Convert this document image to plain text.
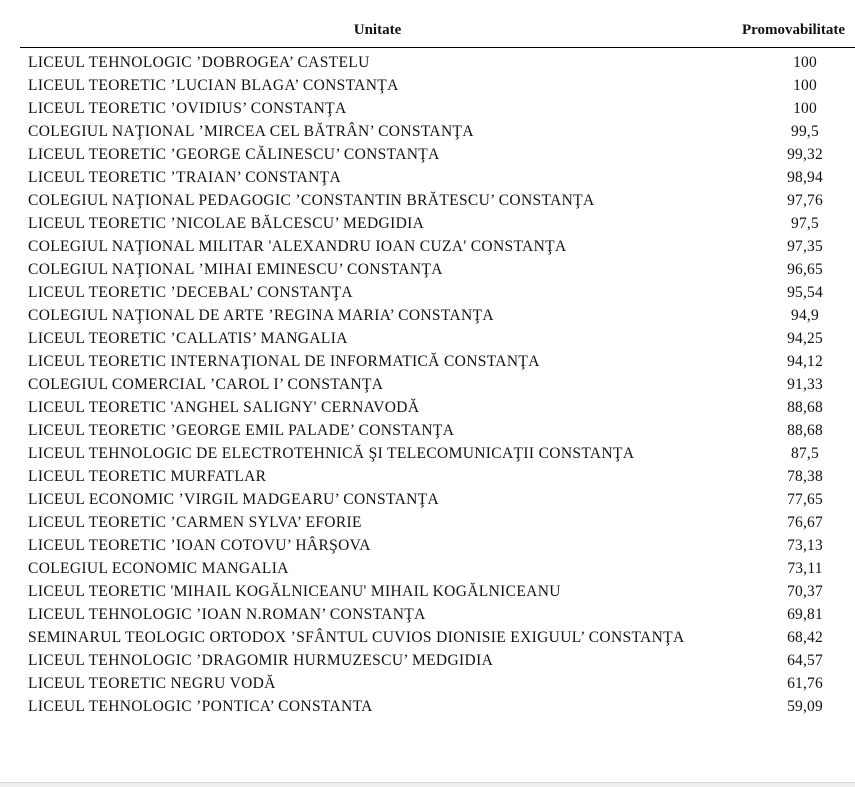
Unitate	Promovabilitate
LICEUL TEHNOLOGIC ’DOBROGEA’ CASTELU	100
LICEUL TEORETIC ’LUCIAN BLAGA’ CONSTANŢA	100
LICEUL TEORETIC ’OVIDIUS’ CONSTANŢA	100
COLEGIUL NAŢIONAL ’MIRCEA CEL BĂTRÂN’ CONSTANŢA	99,5
LICEUL TEORETIC ’GEORGE CĂLINESCU’ CONSTANŢA	99,32
LICEUL TEORETIC ’TRAIAN’ CONSTANŢA	98,94
COLEGIUL NAŢIONAL PEDAGOGIC ’CONSTANTIN BRĂTESCU’ CONSTANŢA	97,76
LICEUL TEORETIC ’NICOLAE BĂLCESCU’ MEDGIDIA	97,5
COLEGIUL NAŢIONAL MILITAR 'ALEXANDRU IOAN CUZA' CONSTANŢA	97,35
COLEGIUL NAŢIONAL ’MIHAI EMINESCU’ CONSTANŢA	96,65
LICEUL TEORETIC ’DECEBAL’ CONSTANŢA	95,54
COLEGIUL NAŢIONAL DE ARTE ’REGINA MARIA’ CONSTANŢA	94,9
LICEUL TEORETIC ’CALLATIS’ MANGALIA	94,25
LICEUL TEORETIC INTERNAŢIONAL DE INFORMATICĂ CONSTANŢA	94,12
COLEGIUL COMERCIAL ’CAROL I’ CONSTANŢA	91,33
LICEUL TEORETIC 'ANGHEL SALIGNY' CERNAVODĂ	88,68
LICEUL TEORETIC ’GEORGE EMIL PALADE’ CONSTANŢA	88,68
LICEUL TEHNOLOGIC DE ELECTROTEHNICĂ ŞI TELECOMUNICAŢII CONSTANŢA	87,5
LICEUL TEORETIC MURFATLAR	78,38
LICEUL ECONOMIC ’VIRGIL MADGEARU’ CONSTANŢA	77,65
LICEUL TEORETIC ’CARMEN SYLVA’ EFORIE	76,67
LICEUL TEORETIC ’IOAN COTOVU’ HÂRŞOVA	73,13
COLEGIUL ECONOMIC MANGALIA	73,11
LICEUL TEORETIC 'MIHAIL KOGĂLNICEANU' MIHAIL KOGĂLNICEANU	70,37
LICEUL TEHNOLOGIC ’IOAN N.ROMAN’ CONSTANŢA	69,81
SEMINARUL TEOLOGIC ORTODOX ’SFÂNTUL CUVIOS DIONISIE EXIGUUL’ CONSTANŢA	68,42
LICEUL TEHNOLOGIC ’DRAGOMIR HURMUZESCU’ MEDGIDIA	64,57
LICEUL TEORETIC NEGRU VODĂ	61,76
LICEUL TEHNOLOGIC ’PONTICA’ CONSTANTA	59,09
